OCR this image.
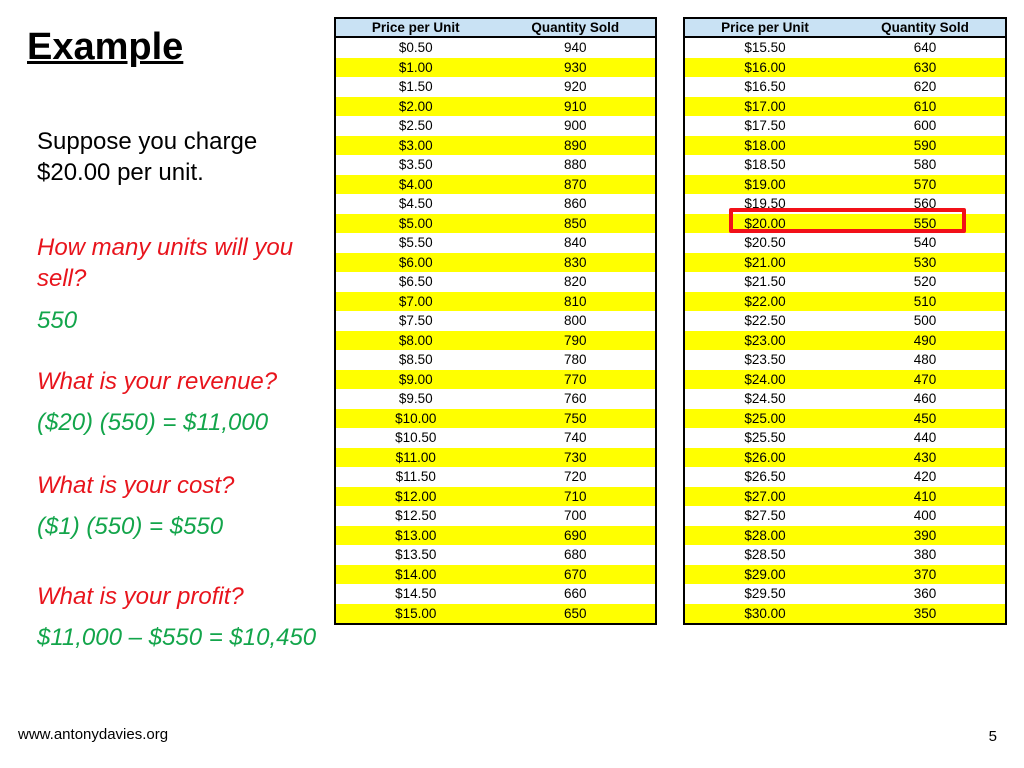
Example
Suppose you charge $20.00 per unit.
How many units will you sell?
550
What is your revenue?
($20) (550) = $11,000
What is your cost?
($1) (550) = $550
What is your profit?
$11,000 – $550 = $10,450
Price per Unit	Quantity Sold
$0.50	940
$1.00	930
$1.50	920
$2.00	910
$2.50	900
$3.00	890
$3.50	880
$4.00	870
$4.50	860
$5.00	850
$5.50	840
$6.00	830
$6.50	820
$7.00	810
$7.50	800
$8.00	790
$8.50	780
$9.00	770
$9.50	760
$10.00	750
$10.50	740
$11.00	730
$11.50	720
$12.00	710
$12.50	700
$13.00	690
$13.50	680
$14.00	670
$14.50	660
$15.00	650
Price per Unit	Quantity Sold
$15.50	640
$16.00	630
$16.50	620
$17.00	610
$17.50	600
$18.00	590
$18.50	580
$19.00	570
$19.50	560
$20.00	550
$20.50	540
$21.00	530
$21.50	520
$22.00	510
$22.50	500
$23.00	490
$23.50	480
$24.00	470
$24.50	460
$25.00	450
$25.50	440
$26.00	430
$26.50	420
$27.00	410
$27.50	400
$28.00	390
$28.50	380
$29.00	370
$29.50	360
$30.00	350
www.antonydavies.org	5
